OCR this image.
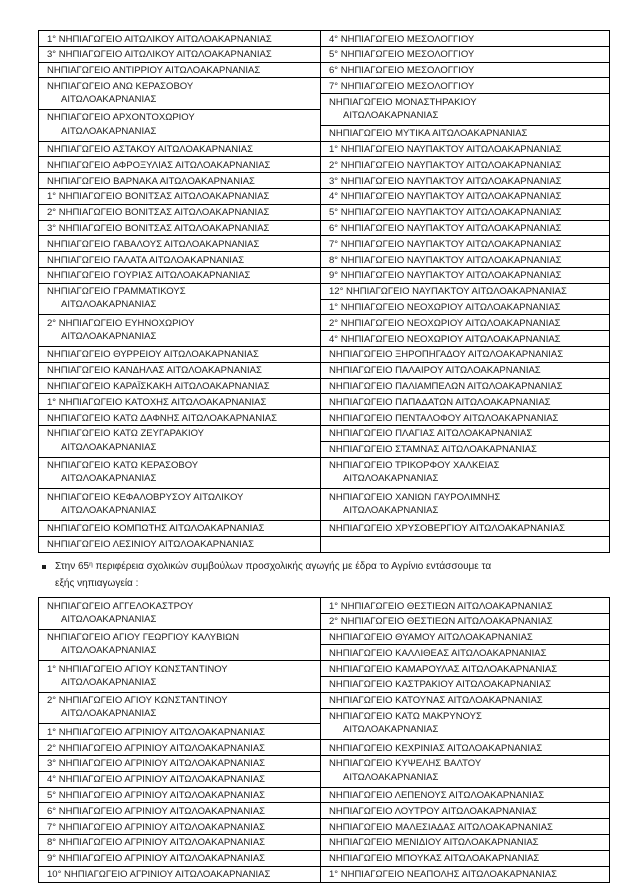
1° ΝΗΠΙΑΓΩΓΕΙΟ ΑΙΤΩΛΙΚΟΥ ΑΙΤΩΛΟΑΚΑΡΝΑΝΙΑΣ
3° ΝΗΠΙΑΓΩΓΕΙΟ ΑΙΤΩΛΙΚΟΥ ΑΙΤΩΛΟΑΚΑΡΝΑΝΙΑΣ
ΝΗΠΙΑΓΩΓΕΙΟ ΑΝΤΙΡΡΙΟΥ ΑΙΤΩΛΟΑΚΑΡΝΑΝΙΑΣ
ΝΗΠΙΑΓΩΓΕΙΟ ΑΝΩ ΚΕΡΑΣΟΒΟΥ
ΑΙΤΩΛΟΑΚΑΡΝΑΝΙΑΣ
ΝΗΠΙΑΓΩΓΕΙΟ ΑΡΧΟΝΤΟΧΩΡΙΟΥ
ΑΙΤΩΛΟΑΚΑΡΝΑΝΙΑΣ
ΝΗΠΙΑΓΩΓΕΙΟ ΑΣΤΑΚΟΥ ΑΙΤΩΛΟΑΚΑΡΝΑΝΙΑΣ
ΝΗΠΙΑΓΩΓΕΙΟ ΑΦΡΟΞΥΛΙΑΣ ΑΙΤΩΛΟΑΚΑΡΝΑΝΙΑΣ
ΝΗΠΙΑΓΩΓΕΙΟ ΒΑΡΝΑΚΑ ΑΙΤΩΛΟΑΚΑΡΝΑΝΙΑΣ
1° ΝΗΠΙΑΓΩΓΕΙΟ ΒΟΝΙΤΣΑΣ ΑΙΤΩΛΟΑΚΑΡΝΑΝΙΑΣ
2° ΝΗΠΙΑΓΩΓΕΙΟ ΒΟΝΙΤΣΑΣ ΑΙΤΩΛΟΑΚΑΡΝΑΝΙΑΣ
3° ΝΗΠΙΑΓΩΓΕΙΟ ΒΟΝΙΤΣΑΣ ΑΙΤΩΛΟΑΚΑΡΝΑΝΙΑΣ
ΝΗΠΙΑΓΩΓΕΙΟ ΓΑΒΑΛΟΥΣ ΑΙΤΩΛΟΑΚΑΡΝΑΝΙΑΣ
ΝΗΠΙΑΓΩΓΕΙΟ ΓΑΛΑΤΑ ΑΙΤΩΛΟΑΚΑΡΝΑΝΙΑΣ
ΝΗΠΙΑΓΩΓΕΙΟ ΓΟΥΡΙΑΣ ΑΙΤΩΛΟΑΚΑΡΝΑΝΙΑΣ
ΝΗΠΙΑΓΩΓΕΙΟ ΓΡΑΜΜΑΤΙΚΟΥΣ
ΑΙΤΩΛΟΑΚΑΡΝΑΝΙΑΣ
2° ΝΗΠΙΑΓΩΓΕΙΟ ΕΥΗΝΟΧΩΡΙΟΥ
ΑΙΤΩΛΟΑΚΑΡΝΑΝΙΑΣ
ΝΗΠΙΑΓΩΓΕΙΟ ΘΥΡΡΕΙΟΥ ΑΙΤΩΛΟΑΚΑΡΝΑΝΙΑΣ
ΝΗΠΙΑΓΩΓΕΙΟ ΚΑΝΔΗΛΑΣ ΑΙΤΩΛΟΑΚΑΡΝΑΝΙΑΣ
ΝΗΠΙΑΓΩΓΕΙΟ ΚΑΡΑΪΣΚΑΚΗ ΑΙΤΩΛΟΑΚΑΡΝΑΝΙΑΣ
1° ΝΗΠΙΑΓΩΓΕΙΟ ΚΑΤΟΧΗΣ ΑΙΤΩΛΟΑΚΑΡΝΑΝΙΑΣ
ΝΗΠΙΑΓΩΓΕΙΟ ΚΑΤΩ ΔΑΦΝΗΣ ΑΙΤΩΛΟΑΚΑΡΝΑΝΙΑΣ
ΝΗΠΙΑΓΩΓΕΙΟ ΚΑΤΩ ΖΕΥΓΑΡΑΚΙΟΥ
ΑΙΤΩΛΟΑΚΑΡΝΑΝΙΑΣ
ΝΗΠΙΑΓΩΓΕΙΟ ΚΑΤΩ ΚΕΡΑΣΟΒΟΥ
ΑΙΤΩΛΟΑΚΑΡΝΑΝΙΑΣ
ΝΗΠΙΑΓΩΓΕΙΟ ΚΕΦΑΛΟΒΡΥΣΟΥ ΑΙΤΩΛΙΚΟΥ
ΑΙΤΩΛΟΑΚΑΡΝΑΝΙΑΣ
ΝΗΠΙΑΓΩΓΕΙΟ ΚΟΜΠΩΤΗΣ ΑΙΤΩΛΟΑΚΑΡΝΑΝΙΑΣ
ΝΗΠΙΑΓΩΓΕΙΟ ΛΕΣΙΝΙΟΥ ΑΙΤΩΛΟΑΚΑΡΝΑΝΙΑΣ
4° ΝΗΠΙΑΓΩΓΕΙΟ ΜΕΣΟΛΟΓΓΙΟΥ
5° ΝΗΠΙΑΓΩΓΕΙΟ ΜΕΣΟΛΟΓΓΙΟΥ
6° ΝΗΠΙΑΓΩΓΕΙΟ ΜΕΣΟΛΟΓΓΙΟΥ
7° ΝΗΠΙΑΓΩΓΕΙΟ ΜΕΣΟΛΟΓΓΙΟΥ
ΝΗΠΙΑΓΩΓΕΙΟ ΜΟΝΑΣΤΗΡΑΚΙΟΥ
ΑΙΤΩΛΟΑΚΑΡΝΑΝΙΑΣ
ΝΗΠΙΑΓΩΓΕΙΟ ΜΥΤΙΚΑ ΑΙΤΩΛΟΑΚΑΡΝΑΝΙΑΣ
1° ΝΗΠΙΑΓΩΓΕΙΟ ΝΑΥΠΑΚΤΟΥ ΑΙΤΩΛΟΑΚΑΡΝΑΝΙΑΣ
2° ΝΗΠΙΑΓΩΓΕΙΟ ΝΑΥΠΑΚΤΟΥ ΑΙΤΩΛΟΑΚΑΡΝΑΝΙΑΣ
3° ΝΗΠΙΑΓΩΓΕΙΟ ΝΑΥΠΑΚΤΟΥ ΑΙΤΩΛΟΑΚΑΡΝΑΝΙΑΣ
4° ΝΗΠΙΑΓΩΓΕΙΟ ΝΑΥΠΑΚΤΟΥ ΑΙΤΩΛΟΑΚΑΡΝΑΝΙΑΣ
5° ΝΗΠΙΑΓΩΓΕΙΟ ΝΑΥΠΑΚΤΟΥ ΑΙΤΩΛΟΑΚΑΡΝΑΝΙΑΣ
6° ΝΗΠΙΑΓΩΓΕΙΟ ΝΑΥΠΑΚΤΟΥ ΑΙΤΩΛΟΑΚΑΡΝΑΝΙΑΣ
7° ΝΗΠΙΑΓΩΓΕΙΟ ΝΑΥΠΑΚΤΟΥ ΑΙΤΩΛΟΑΚΑΡΝΑΝΙΑΣ
8° ΝΗΠΙΑΓΩΓΕΙΟ ΝΑΥΠΑΚΤΟΥ ΑΙΤΩΛΟΑΚΑΡΝΑΝΙΑΣ
9° ΝΗΠΙΑΓΩΓΕΙΟ ΝΑΥΠΑΚΤΟΥ ΑΙΤΩΛΟΑΚΑΡΝΑΝΙΑΣ
12° ΝΗΠΙΑΓΩΓΕΙΟ ΝΑΥΠΑΚΤΟΥ ΑΙΤΩΛΟΑΚΑΡΝΑΝΙΑΣ
1° ΝΗΠΙΑΓΩΓΕΙΟ ΝΕΟΧΩΡΙΟΥ ΑΙΤΩΛΟΑΚΑΡΝΑΝΙΑΣ
2° ΝΗΠΙΑΓΩΓΕΙΟ ΝΕΟΧΩΡΙΟΥ ΑΙΤΩΛΟΑΚΑΡΝΑΝΙΑΣ
4° ΝΗΠΙΑΓΩΓΕΙΟ ΝΕΟΧΩΡΙΟΥ ΑΙΤΩΛΟΑΚΑΡΝΑΝΙΑΣ
ΝΗΠΙΑΓΩΓΕΙΟ ΞΗΡΟΠΗΓΑΔΟΥ ΑΙΤΩΛΟΑΚΑΡΝΑΝΙΑΣ
ΝΗΠΙΑΓΩΓΕΙΟ ΠΑΛΑΙΡΟΥ ΑΙΤΩΛΟΑΚΑΡΝΑΝΙΑΣ
ΝΗΠΙΑΓΩΓΕΙΟ ΠΑΛΙΑΜΠΕΛΩΝ ΑΙΤΩΛΟΑΚΑΡΝΑΝΙΑΣ
ΝΗΠΙΑΓΩΓΕΙΟ ΠΑΠΑΔΑΤΩΝ ΑΙΤΩΛΟΑΚΑΡΝΑΝΙΑΣ
ΝΗΠΙΑΓΩΓΕΙΟ ΠΕΝΤΑΛΟΦΟΥ ΑΙΤΩΛΟΑΚΑΡΝΑΝΙΑΣ
ΝΗΠΙΑΓΩΓΕΙΟ ΠΛΑΓΙΑΣ ΑΙΤΩΛΟΑΚΑΡΝΑΝΙΑΣ
ΝΗΠΙΑΓΩΓΕΙΟ ΣΤΑΜΝΑΣ ΑΙΤΩΛΟΑΚΑΡΝΑΝΙΑΣ
ΝΗΠΙΑΓΩΓΕΙΟ ΤΡΙΚΟΡΦΟΥ ΧΑΛΚΕΙΑΣ
ΑΙΤΩΛΟΑΚΑΡΝΑΝΙΑΣ
ΝΗΠΙΑΓΩΓΕΙΟ ΧΑΝΙΩΝ ΓΑΥΡΟΛΙΜΝΗΣ
ΑΙΤΩΛΟΑΚΑΡΝΑΝΙΑΣ
ΝΗΠΙΑΓΩΓΕΙΟ ΧΡΥΣΟΒΕΡΓΙΟΥ ΑΙΤΩΛΟΑΚΑΡΝΑΝΙΑΣ
Στην $65^\eta$ περιφέρεια σχολικών συμβούλων προσχολικής αγωγής με έδρα το Αγρίνιο εντάσσουμε τα
εξής νηπιαγωγεία :
ΝΗΠΙΑΓΩΓΕΙΟ ΑΓΓΕΛΟΚΑΣΤΡΟΥ
ΑΙΤΩΛΟΑΚΑΡΝΑΝΙΑΣ
ΝΗΠΙΑΓΩΓΕΙΟ ΑΓΙΟΥ ΓΕΩΡΓΙΟΥ ΚΑΛΥΒΙΩΝ
ΑΙΤΩΛΟΑΚΑΡΝΑΝΙΑΣ
1° ΝΗΠΙΑΓΩΓΕΙΟ ΑΓΙΟΥ ΚΩΝΣΤΑΝΤΙΝΟΥ
ΑΙΤΩΛΟΑΚΑΡΝΑΝΙΑΣ
2° ΝΗΠΙΑΓΩΓΕΙΟ ΑΓΙΟΥ ΚΩΝΣΤΑΝΤΙΝΟΥ
ΑΙΤΩΛΟΑΚΑΡΝΑΝΙΑΣ
1° ΝΗΠΙΑΓΩΓΕΙΟ ΑΓΡΙΝΙΟΥ ΑΙΤΩΛΟΑΚΑΡΝΑΝΙΑΣ
2° ΝΗΠΙΑΓΩΓΕΙΟ ΑΓΡΙΝΙΟΥ ΑΙΤΩΛΟΑΚΑΡΝΑΝΙΑΣ
3° ΝΗΠΙΑΓΩΓΕΙΟ ΑΓΡΙΝΙΟΥ ΑΙΤΩΛΟΑΚΑΡΝΑΝΙΑΣ
4° ΝΗΠΙΑΓΩΓΕΙΟ ΑΓΡΙΝΙΟΥ ΑΙΤΩΛΟΑΚΑΡΝΑΝΙΑΣ
5° ΝΗΠΙΑΓΩΓΕΙΟ ΑΓΡΙΝΙΟΥ ΑΙΤΩΛΟΑΚΑΡΝΑΝΙΑΣ
6° ΝΗΠΙΑΓΩΓΕΙΟ ΑΓΡΙΝΙΟΥ ΑΙΤΩΛΟΑΚΑΡΝΑΝΙΑΣ
7° ΝΗΠΙΑΓΩΓΕΙΟ ΑΓΡΙΝΙΟΥ ΑΙΤΩΛΟΑΚΑΡΝΑΝΙΑΣ
8° ΝΗΠΙΑΓΩΓΕΙΟ ΑΓΡΙΝΙΟΥ ΑΙΤΩΛΟΑΚΑΡΝΑΝΙΑΣ
9° ΝΗΠΙΑΓΩΓΕΙΟ ΑΓΡΙΝΙΟΥ ΑΙΤΩΛΟΑΚΑΡΝΑΝΙΑΣ
10° ΝΗΠΙΑΓΩΓΕΙΟ ΑΓΡΙΝΙΟΥ ΑΙΤΩΛΟΑΚΑΡΝΑΝΙΑΣ
1° ΝΗΠΙΑΓΩΓΕΙΟ ΘΕΣΤΙΕΩΝ ΑΙΤΩΛΟΑΚΑΡΝΑΝΙΑΣ
2° ΝΗΠΙΑΓΩΓΕΙΟ ΘΕΣΤΙΕΩΝ ΑΙΤΩΛΟΑΚΑΡΝΑΝΙΑΣ
ΝΗΠΙΑΓΩΓΕΙΟ ΘΥΑΜΟΥ ΑΙΤΩΛΟΑΚΑΡΝΑΝΙΑΣ
ΝΗΠΙΑΓΩΓΕΙΟ ΚΑΛΛΙΘΕΑΣ ΑΙΤΩΛΟΑΚΑΡΝΑΝΙΑΣ
ΝΗΠΙΑΓΩΓΕΙΟ ΚΑΜΑΡΟΥΛΑΣ ΑΙΤΩΛΟΑΚΑΡΝΑΝΙΑΣ
ΝΗΠΙΑΓΩΓΕΙΟ ΚΑΣΤΡΑΚΙΟΥ ΑΙΤΩΛΟΑΚΑΡΝΑΝΙΑΣ
ΝΗΠΙΑΓΩΓΕΙΟ ΚΑΤΟΥΝΑΣ ΑΙΤΩΛΟΑΚΑΡΝΑΝΙΑΣ
ΝΗΠΙΑΓΩΓΕΙΟ ΚΑΤΩ ΜΑΚΡΥΝΟΥΣ
ΑΙΤΩΛΟΑΚΑΡΝΑΝΙΑΣ
ΝΗΠΙΑΓΩΓΕΙΟ ΚΕΧΡΙΝΙΑΣ ΑΙΤΩΛΟΑΚΑΡΝΑΝΙΑΣ
ΝΗΠΙΑΓΩΓΕΙΟ ΚΥΨΕΛΗΣ ΒΑΛΤΟΥ
ΑΙΤΩΛΟΑΚΑΡΝΑΝΙΑΣ
ΝΗΠΙΑΓΩΓΕΙΟ ΛΕΠΕΝΟΥΣ ΑΙΤΩΛΟΑΚΑΡΝΑΝΙΑΣ
ΝΗΠΙΑΓΩΓΕΙΟ ΛΟΥΤΡΟΥ ΑΙΤΩΛΟΑΚΑΡΝΑΝΙΑΣ
ΝΗΠΙΑΓΩΓΕΙΟ ΜΑΛΕΣΙΑΔΑΣ ΑΙΤΩΛΟΑΚΑΡΝΑΝΙΑΣ
ΝΗΠΙΑΓΩΓΕΙΟ ΜΕΝΙΔΙΟΥ ΑΙΤΩΛΟΑΚΑΡΝΑΝΙΑΣ
ΝΗΠΙΑΓΩΓΕΙΟ ΜΠΟΥΚΑΣ ΑΙΤΩΛΟΑΚΑΡΝΑΝΙΑΣ
1° ΝΗΠΙΑΓΩΓΕΙΟ ΝΕΑΠΟΛΗΣ ΑΙΤΩΛΟΑΚΑΡΝΑΝΙΑΣ
